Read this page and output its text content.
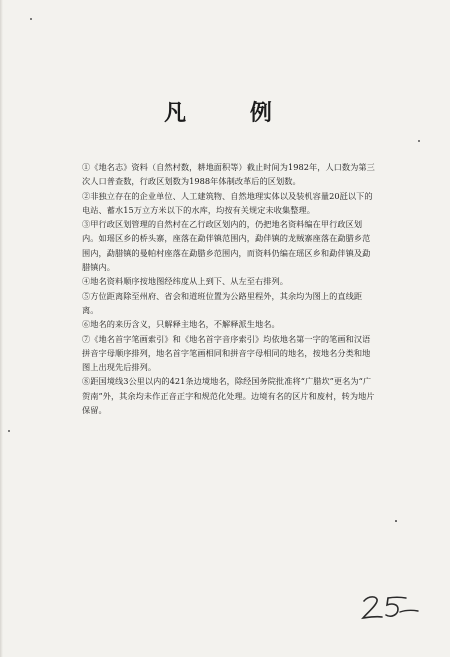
凡 例

①《地名志》资料（自然村数，耕地面积等）截止时间为1982年，人口数为第三次人口普查数，行政区划数为1988年体制改革后的区划数。

②非独立存在的企业单位、人工建筑物、自然地理实体以及装机容量20瓩以下的电站、蓄水15万立方米以下的水库，均按有关规定未收集整理。

③甲行政区划管理的自然村在乙行政区划内的，仍把地名资料编在甲行政区划内。如瑶区乡的桥头寨，座落在勐伴镇范围内，勐伴镇的龙贼寨座落在勐腊乡范围内，勐腊镇的曼帕村座落在勐腊乡范围内，而资料仍编在瑶区乡和勐伴镇及勐腊镇内。

④地名资料顺序按地图经纬度从上到下、从左至右排列。

⑤方位距离除至州府、省会和道班位置为公路里程外，其余均为图上的直线距离。

⑥地名的来历含义，只解释主地名，不解释派生地名。

⑦《地名首字笔画索引》和《地名首字音序索引》均依地名第一字的笔画和汉语拼音字母顺序排列，地名首字笔画相同和拼音字母相同的地名，按地名分类和地图上出现先后排列。

⑧距国境线3公里以内的421条边境地名，除经国务院批准将“广腊坎”更名为“广贺南”外，其余均未作正音正字和规范化处理。边境有名的区片和废村，转为地片保留。
